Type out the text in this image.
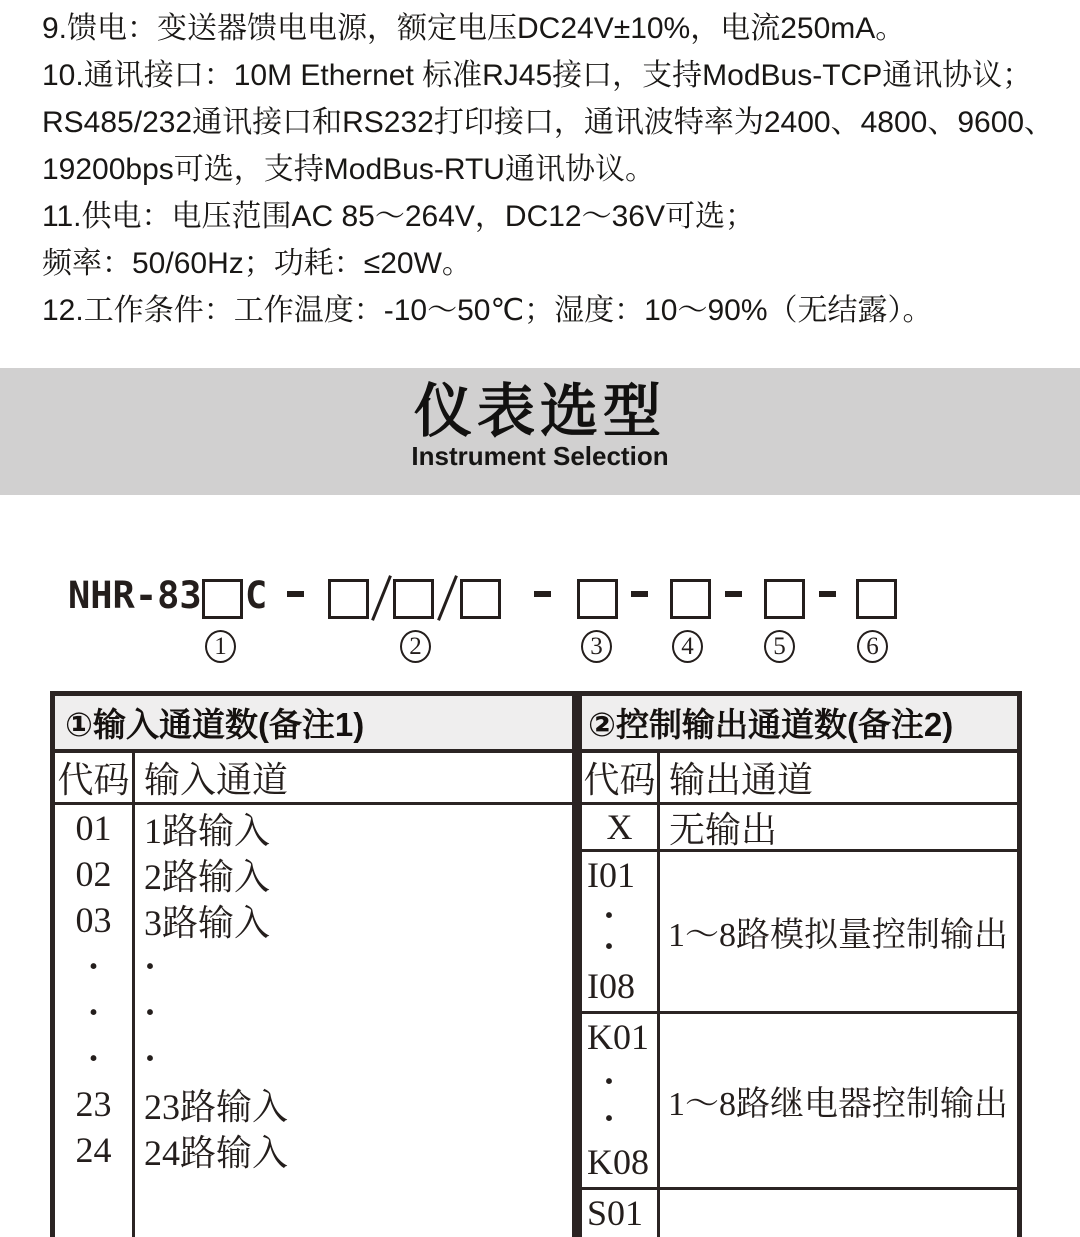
9.馈电：变送器馈电电源，额定电压DC24V±10%，电流250mA。
10.通讯接口：10M Ethernet 标准RJ45接口，支持ModBus-TCP通讯协议；
RS485/232通讯接口和RS232打印接口，通讯波特率为2400、4800、9600、
19200bps可选，支持ModBus-RTU通讯协议。
11.供电：电压范围AC 85～264V，DC12～36V可选；
频率：50/60Hz；功耗：≤20W。
12.工作条件：工作温度：-10～50℃；湿度：10～90%（无结露）。
仪表选型
Instrument Selection
NHR-83 C
1	2	3	4	5	6
①输入通道数(备注1)
代码 输入通道
01 1路输入
02 2路输入
03 3路输入
·	·
·	·
·	·
23 23路输入
24 24路输入
②控制输出通道数(备注2)
代码 输出通道
X	无输出
I01
·
·
I08
1～8路模拟量控制输出
K01
·
·
K08
1～8路继电器控制输出
S01
